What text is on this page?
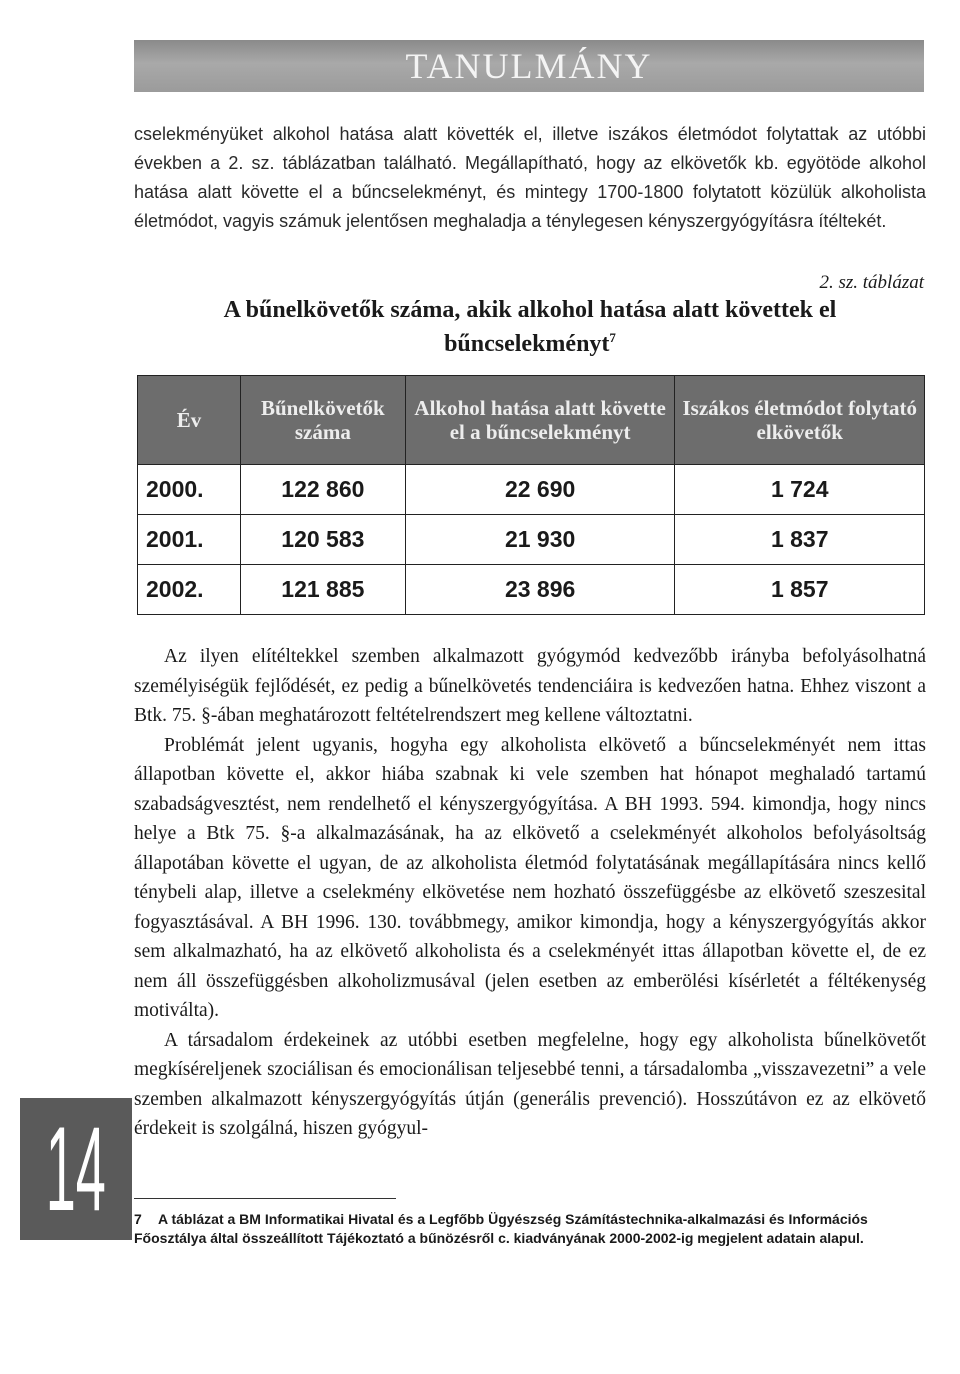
TANULMÁNY

cselekményüket alkohol hatása alatt követték el, illetve iszákos életmódot folytattak az utóbbi években a 2. sz. táblázatban található. Megállapítható, hogy az elkövetők kb. egyötöde alkohol hatása alatt követte el a bűncselekményt, és mintegy 1700-1800 folytatott közülük alkoholista életmódot, vagyis számuk jelentősen meghaladja a ténylegesen kényszergyógyításra ítéltekét.

2. sz. táblázat
A bűnelkövetők száma, akik alkohol hatása alatt követtek el bűncselekményt$^7$
Év	Bűnelkövetők száma	Alkohol hatása alatt követte el a bűncselekményt	Iszákos életmódot folytató elkövetők
2000.	122 860	22 690	1 724
2001.	120 583	21 930	1 837
2002.	121 885	23 896	1 857

Az ilyen elítéltekkel szemben alkalmazott gyógymód kedvezőbb irányba befolyásolhatná személyiségük fejlődését, ez pedig a bűnelkövetés tendenciáira is kedvezően hatna. Ehhez viszont a Btk. 75. §-ában meghatározott feltételrendszert meg kellene változtatni.

Problémát jelent ugyanis, hogyha egy alkoholista elkövető a bűncselekményét nem ittas állapotban követte el, akkor hiába szabnak ki vele szemben hat hónapot meghaladó tartamú szabadságvesztést, nem rendelhető el kényszergyógyítása. A BH 1993. 594. kimondja, hogy nincs helye a Btk 75. §-a alkalmazásának, ha az elkövető a cselekményét alkoholos befolyásoltság állapotában követte el ugyan, de az alkoholista életmód folytatásának megállapítására nincs kellő ténybeli alap, illetve a cselekmény elkövetése nem hozható összefüggésbe az elkövető szeszesital fogyasztásával. A BH 1996. 130. továbbmegy, amikor kimondja, hogy a kényszergyógyítás akkor sem alkalmazható, ha az elkövető alkoholista és a cselekményét ittas állapotban követte el, de ez nem áll összefüggésben alkoholizmusával (jelen esetben az emberölési kísérletét a féltékenység motiválta).

A társadalom érdekeinek az utóbbi esetben megfelelne, hogy egy alkoholista bűnelkövetőt megkíséreljenek szociálisan és emocionálisan teljesebbé tenni, a társadalomba „visszavezetni” a vele szemben alkalmazott kényszergyógyítás útján (generális prevenció). Hosszútávon ez az elkövető érdekeit is szolgálná, hiszen gyógyul-

7 A táblázat a BM Informatikai Hivatal és a Legfőbb Ügyészség Számítástechnika-alkalmazási és Információs Főosztálya által összeállított Tájékoztató a bűnözésről c. kiadványának 2000-2002-ig megjelent adatain alapul.
14
